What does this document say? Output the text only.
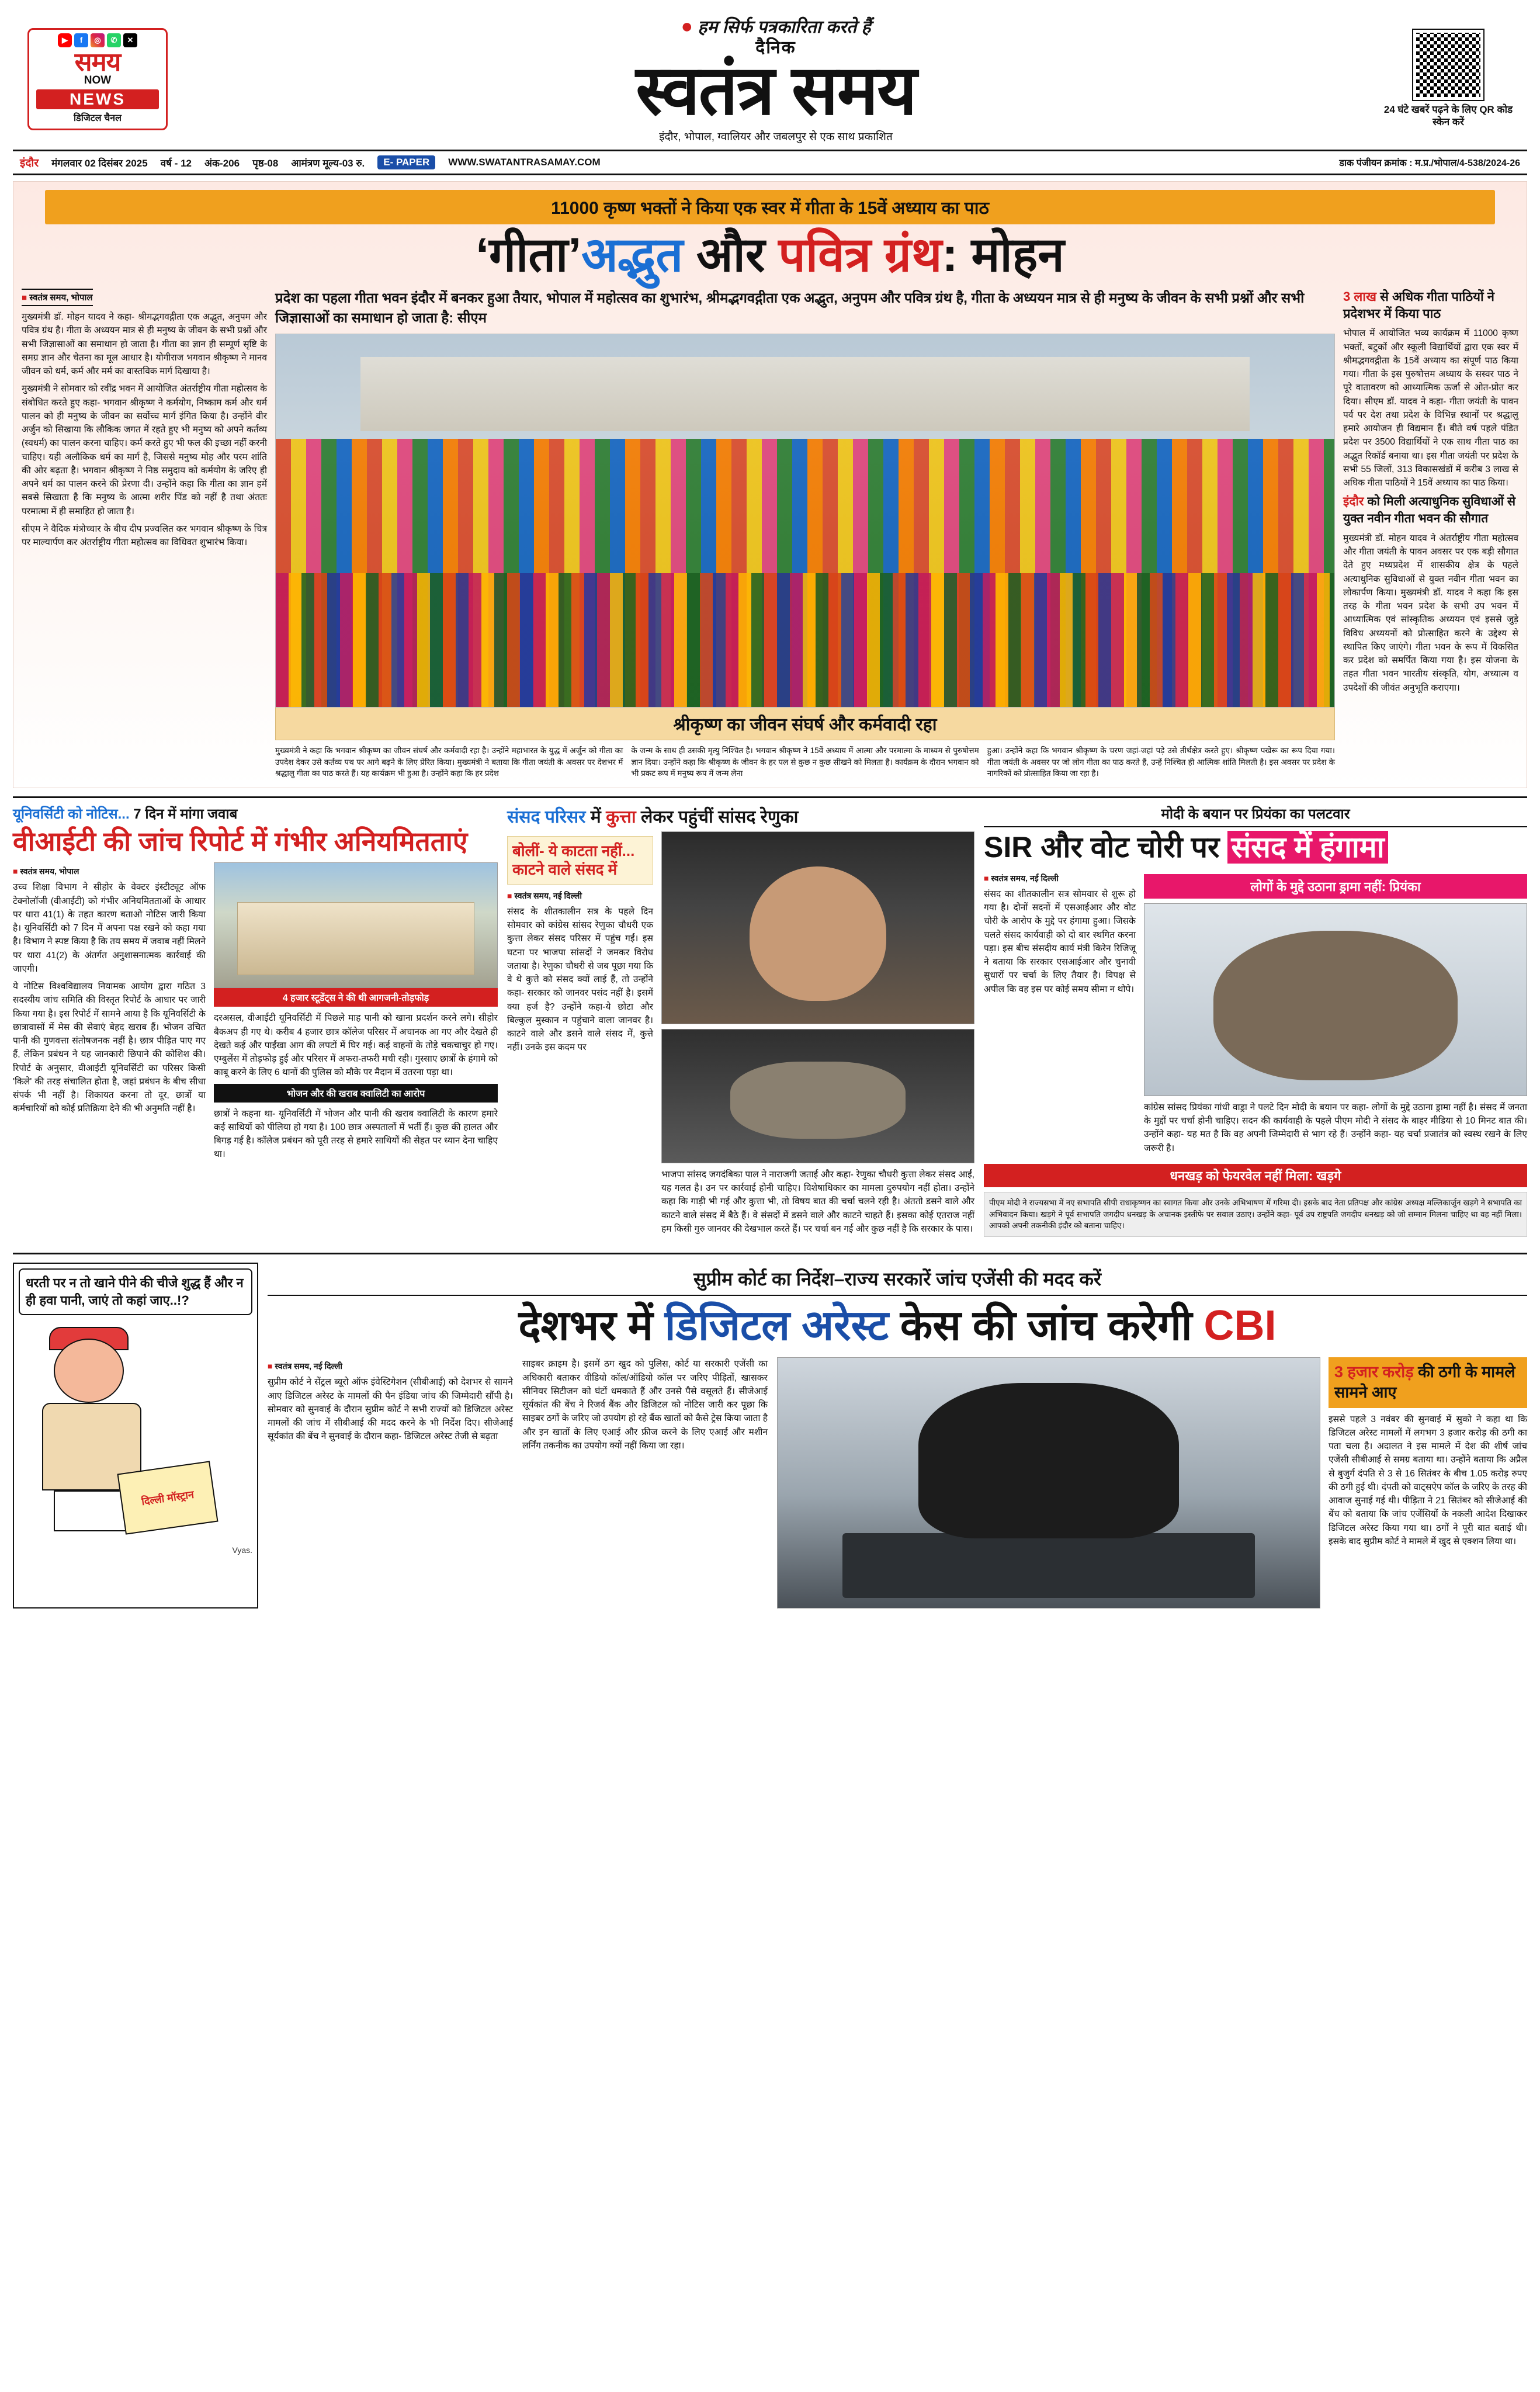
▶	f	◎	✆	✕
समय
NOW
NEWS
डिजिटल चैनल
● हम सिर्फ पत्रकारिता करते हैं
दैनिक
स्वतंत्र समय
इंदौर, भोपाल, ग्वालियर और जबलपुर से एक साथ प्रकाशित
24 घंटे खबरें पढ़ने के लिए QR कोड स्केन करें
इंदौर मंगलवार 02 दिसंबर 2025 वर्ष - 12 अंक-206 पृष्ठ-08 आमंत्रण मूल्य-03 रु.	E- PAPER	WWW.SWATANTRASAMAY.COM	डाक पंजीयन क्रमांक : म.प्र./भोपाल/4-538/2024-26
11000 कृष्ण भक्तों ने किया एक स्वर में गीता के 15वें अध्याय का पाठ
‘गीता’अद्भुत और पवित्र ग्रंथ: मोहन
■ स्वतंत्र समय, भोपाल

मुख्यमंत्री डॉ. मोहन यादव ने कहा- श्रीमद्भगवद्गीता एक अद्भुत, अनुपम और पवित्र ग्रंथ है। गीता के अध्ययन मात्र से ही मनुष्य के जीवन के सभी प्रश्नों और सभी जिज्ञासाओं का समाधान हो जाता है। गीता का ज्ञान ही सम्पूर्ण सृष्टि के समग्र ज्ञान और चेतना का मूल आधार है। योगीराज भगवान श्रीकृष्ण ने मानव जीवन को धर्म, कर्म और मर्म का वास्तविक मार्ग दिखाया है।

मुख्यमंत्री ने सोमवार को रवींद्र भवन में आयोजित अंतर्राष्ट्रीय गीता महोत्सव के संबोधित करते हुए कहा- भगवान श्रीकृष्ण ने कर्मयोग, निष्काम कर्म और धर्म पालन को ही मनुष्य के जीवन का सर्वोच्च मार्ग इंगित किया है। उन्होंने वीर अर्जुन को सिखाया कि लौकिक जगत में रहते हुए भी मनुष्य को अपने कर्तव्य (स्वधर्म) का पालन करना चाहिए। कर्म करते हुए भी फल की इच्छा नहीं करनी चाहिए। यही अलौकिक धर्म का मार्ग है, जिससे मनुष्य मोह और परम शांति की ओर बढ़ता है। भगवान श्रीकृष्ण ने निष्ठ समुदाय को कर्मयोग के जरिए ही अपने धर्म का पालन करने की प्रेरणा दी। उन्होंने कहा कि गीता का ज्ञान हमें सबसे सिखाता है कि मनुष्य के आत्मा शरीर पिंड को नहीं है तथा अंततः परमात्मा में ही समाहित हो जाता है।

सीएम ने वैदिक मंत्रोच्चार के बीच दीप प्रज्वलित कर भगवान श्रीकृष्ण के चित्र पर माल्यार्पण कर अंतर्राष्ट्रीय गीता महोत्सव का विधिवत शुभारंभ किया।

प्रदेश का पहला गीता भवन इंदौर में बनकर हुआ तैयार, भोपाल में महोत्सव का शुभारंभ, श्रीमद्भगवद्गीता एक अद्भुत, अनुपम और पवित्र ग्रंथ है, गीता के अध्ययन मात्र से ही मनुष्य के जीवन के सभी प्रश्नों और सभी जिज्ञासाओं का समाधान हो जाता है: सीएम

श्रीकृष्ण का जीवन संघर्ष और कर्मवादी रहा

मुख्यमंत्री ने कहा कि भगवान श्रीकृष्ण का जीवन संघर्ष और कर्मवादी रहा है। उन्होंने महाभारत के युद्ध में अर्जुन को गीता का उपदेश देकर उसे कर्तव्य पथ पर आगे बढ़ने के लिए प्रेरित किया। मुख्यमंत्री ने बताया कि गीता जयंती के अवसर पर देशभर में श्रद्धालु गीता का पाठ करते हैं। यह कार्यक्रम भी हुआ है। उन्होंने कहा कि हर प्रदेश

के जन्म के साथ ही उसकी मृत्यु निश्चित है। भगवान श्रीकृष्ण ने 15वें अध्याय में आत्मा और परमात्मा के माध्यम से पुरुषोत्तम ज्ञान दिया। उन्होंने कहा कि श्रीकृष्ण के जीवन के हर पल से कुछ न कुछ सीखने को मिलता है। कार्यक्रम के दौरान भगवान को भी प्रकट रूप में मनुष्य रूप में जन्म लेना

हुआ। उन्होंने कहा कि भगवान श्रीकृष्ण के चरण जहां-जहां पड़े उसे तीर्थक्षेत्र करते हुए। श्रीकृष्ण पखेरू का रूप दिया गया। गीता जयंती के अवसर पर जो लोग गीता का पाठ करते हैं, उन्हें निश्चित ही आत्मिक शांति मिलती है। इस अवसर पर प्रदेश के नागरिकों को प्रोत्साहित किया जा रहा है।

3 लाख से अधिक गीता पाठियों ने प्रदेशभर में किया पाठ

भोपाल में आयोजित भव्य कार्यक्रम में 11000 कृष्ण भक्तों, बटुकों और स्कूली विद्यार्थियों द्वारा एक स्वर में श्रीमद्भगवद्गीता के 15वें अध्याय का संपूर्ण पाठ किया गया। गीता के इस पुरुषोत्तम अध्याय के सस्वर पाठ ने पूरे वातावरण को आध्यात्मिक ऊर्जा से ओत-प्रोत कर दिया। सीएम डॉ. यादव ने कहा- गीता जयंती के पावन पर्व पर देश तथा प्रदेश के विभिन्न स्थानों पर श्रद्धालु हमारे आयोजन ही विद्यमान हैं। बीते वर्ष पहले पंडित प्रदेश पर 3500 विद्यार्थियों ने एक साथ गीता पाठ का अद्भुत रिकॉर्ड बनाया था। इस गीता जयंती पर प्रदेश के सभी 55 जिलों, 313 विकासखंडों में करीब 3 लाख से अधिक गीता पाठियों ने 15वें अध्याय का पाठ किया।

इंदौर को मिली अत्याधुनिक सुविधाओं से युक्त नवीन गीता भवन की सौगात

मुख्यमंत्री डॉ. मोहन यादव ने अंतर्राष्ट्रीय गीता महोत्सव और गीता जयंती के पावन अवसर पर एक बड़ी सौगात देते हुए मध्यप्रदेश में शासकीय क्षेत्र के पहले अत्याधुनिक सुविधाओं से युक्त नवीन गीता भवन का लोकार्पण किया। मुख्यमंत्री डॉ. यादव ने कहा कि इस तरह के गीता भवन प्रदेश के सभी उप भवन में आध्यात्मिक एवं सांस्कृतिक अध्ययन एवं इससे जुड़े विविध अध्ययनों को प्रोत्साहित करने के उद्देश्य से स्थापित किए जाएंगे। गीता भवन के रूप में विकसित कर प्रदेश को समर्पित किया गया है। इस योजना के तहत गीता भवन भारतीय संस्कृति, योग, अध्यात्म व उपदेशों की जीवंत अनुभूति कराएगा।

यूनिवर्सिटी को नोटिस... 7 दिन में मांगा जवाब
वीआईटी की जांच रिपोर्ट में गंभीर अनियमितताएं
■ स्वतंत्र समय, भोपाल

उच्च शिक्षा विभाग ने सीहोर के वेक्टर इंस्टीट्यूट ऑफ टेक्नोलॉजी (वीआईटी) को गंभीर अनियमितताओं के आधार पर धारा 41(1) के तहत कारण बताओ नोटिस जारी किया है। यूनिवर्सिटी को 7 दिन में अपना पक्ष रखने को कहा गया है। विभाग ने स्पष्ट किया है कि तय समय में जवाब नहीं मिलने पर धारा 41(2) के अंतर्गत अनुशासनात्मक कार्रवाई की जाएगी।

ये नोटिस विश्वविद्यालय नियामक आयोग द्वारा गठित 3 सदस्यीय जांच समिति की विस्तृत रिपोर्ट के आधार पर जारी किया गया है। इस रिपोर्ट में सामने आया है कि यूनिवर्सिटी के छात्रावासों में मेस की सेवाएं बेहद खराब हैं। भोजन उचित पानी की गुणवत्ता संतोषजनक नहीं है। छात्र पीड़ित पाए गए हैं, लेकिन प्रबंधन ने यह जानकारी छिपाने की कोशिश की। रिपोर्ट के अनुसार, वीआईटी यूनिवर्सिटी का परिसर किसी 'किले' की तरह संचालित होता है, जहां प्रबंधन के बीच सीधा संपर्क भी नहीं है। शिकायत करना तो दूर, छात्रों या कर्मचारियों को कोई प्रतिक्रिया देने की भी अनुमति नहीं है।

4 हजार स्टूडेंट्स ने की थी आगजनी-तोड़फोड़

दरअसल, वीआईटी यूनिवर्सिटी में पिछले माह पानी को खाना प्रदर्शन करने लगे। सीहोर बैकअप ही गए थे। करीब 4 हजार छात्र कॉलेज परिसर में अचानक आ गए और देखते ही देखते कई और पाईंखा आग की लपटों में घिर गई। कई वाहनों के तोड़े चकचाचुर हो गए। एम्बुलेंस में तोड़फोड़ हुई और परिसर में अफरा-तफरी मची रही। गुस्साए छात्रों के हंगामे को काबू करने के लिए 6 थानों की पुलिस को मौके पर मैदान में उतरना पड़ा था।

भोजन और की खराब क्वालिटी का आरोप

छात्रों ने कहना था- यूनिवर्सिटी में भोजन और पानी की खराब क्वालिटी के कारण हमारे कई साथियों को पीलिया हो गया है। 100 छात्र अस्पतालों में भर्ती हैं। कुछ की हालत और बिगड़ गई है। कॉलेज प्रबंधन को पूरी तरह से हमारे साथियों की सेहत पर ध्यान देना चाहिए था।

संसद परिसर में कुत्ता लेकर पहुंचीं सांसद रेणुका
बोलीं- ये काटता नहीं... काटने वाले संसद में
■ स्वतंत्र समय, नई दिल्ली

संसद के शीतकालीन सत्र के पहले दिन सोमवार को कांग्रेस सांसद रेणुका चौधरी एक कुत्ता लेकर संसद परिसर में पहुंच गईं। इस घटना पर भाजपा सांसदों ने जमकर विरोध जताया है। रेणुका चौधरी से जब पूछा गया कि वे थे कुत्ते को संसद क्यों लाई हैं, तो उन्होंने कहा- सरकार को जानवर पसंद नहीं है। इसमें क्या हर्ज है? उन्होंने कहा-ये छोटा और बिल्कुल मुस्कान न पहुंचाने वाला जानवर है। काटने वाले और डसने वाले संसद में, कुत्ते नहीं। उनके इस कदम पर

भाजपा सांसद जगदंबिका पाल ने नाराजगी जताई और कहा- रेणुका चौधरी कुत्ता लेकर संसद आईं, यह गलत है। उन पर कार्रवाई होनी चाहिए। विशेषाधिकार का मामला दुरुपयोग नहीं होता। उन्होंने कहा कि गाड़ी भी गई और कुत्ता भी, तो विषय बात की चर्चा चलने रही है। अंततो डसने वाले और काटने वाले संसद में बैठे हैं। वे संसदों में डसने वाले और काटने चाहते हैं। इसका कोई एतराज नहीं हम किसी गुरु जानवर की देखभाल करते हैं। पर चर्चा बन गई और कुछ नहीं है कि सरकार के पास।

मोदी के बयान पर प्रियंका का पलटवार
SIR और वोट चोरी पर संसद में हंगामा
■ स्वतंत्र समय, नई दिल्ली

संसद का शीतकालीन सत्र सोमवार से शुरू हो गया है। दोनों सदनों में एसआईआर और वोट चोरी के आरोप के मुद्दे पर हंगामा हुआ। जिसके चलते संसद कार्यवाही को दो बार स्थगित करना पड़ा। इस बीच संसदीय कार्य मंत्री किरेन रिजिजू ने बताया कि सरकार एसआईआर और चुनावी सुधारों पर चर्चा के लिए तैयार है। विपक्ष से अपील कि वह इस पर कोई समय सीमा न थोपे।

लोगों के मुद्दे उठाना ड्रामा नहीं: प्रियंका

कांग्रेस सांसद प्रियंका गांधी वाड्रा ने पलटे दिन मोदी के बयान पर कहा- लोगों के मुद्दे उठाना ड्रामा नहीं है। संसद में जनता के मुद्दों पर चर्चा होनी चाहिए। सदन की कार्यवाही के पहले पीएम मोदी ने संसद के बाहर मीडिया से 10 मिनट बात की। उन्होंने कहा- यह मत है कि वह अपनी जिम्मेदारी से भाग रहे हैं। उन्होंने कहा- यह चर्चा प्रजातंत्र को स्वस्थ रखने के लिए जरूरी है।

धनखड़ को फेयरवेल नहीं मिला: खड़गे

पीएम मोदी ने राज्यसभा में नए सभापति सीपी राधाकृष्णन का स्वागत किया और उनके अभिभाषण में गरिमा दी। इसके बाद नेता प्रतिपक्ष और कांग्रेस अध्यक्ष मल्लिकार्जुन खड़गे ने सभापति का अभिवादन किया। खड़गे ने पूर्व सभापति जगदीप धनखड़ के अचानक इस्तीफे पर सवाल उठाए। उन्होंने कहा- पूर्व उप राष्ट्रपति जगदीप धनखड़ को जो सम्मान मिलना चाहिए था वह नहीं मिला। आपको अपनी तकनीकी इंदौर को बताना चाहिए।

धरती पर न तो खाने पीने की चीजे शुद्ध हैं और न ही हवा पानी, जाएं तो कहां जाए..!?
दिल्ली मॉस्ट्रान
Vyas.
सुप्रीम कोर्ट का निर्देश–राज्य सरकारें जांच एजेंसी की मदद करें
देशभर में डिजिटल अरेस्ट केस की जांच करेगी CBI
■ स्वतंत्र समय, नई दिल्ली

सुप्रीम कोर्ट ने सेंट्रल ब्यूरो ऑफ इंवेस्टिगेशन (सीबीआई) को देशभर से सामने आए डिजिटल अरेस्ट के मामलों की पैन इंडिया जांच की जिम्मेदारी सौंपी है। सोमवार को सुनवाई के दौरान सुप्रीम कोर्ट ने सभी राज्यों को डिजिटल अरेस्ट मामलों की जांच में सीबीआई की मदद करने के भी निर्देश दिए। सीजेआई सूर्यकांत की बेंच ने सुनवाई के दौरान कहा- डिजिटल अरेस्ट तेजी से बढ़ता

साइबर क्राइम है। इसमें ठग खुद को पुलिस, कोर्ट या सरकारी एजेंसी का अधिकारी बताकर वीडियो कॉल/ऑडियो कॉल पर जरिए पीड़ितों, खासकर सीनियर सिटीजन को घंटों धमकाते हैं और उनसे पैसे वसूलते हैं। सीजेआई सूर्यकांत की बेंच ने रिजर्व बैंक और डिजिटल को नोटिस जारी कर पूछा कि साइबर ठगों के जरिए जो उपयोग हो रहे बैंक खातों को कैसे ट्रेस किया जाता है और इन खातों के लिए एआई और फ्रीज करने के लिए एआई और मशीन लर्निंग तकनीक का उपयोग क्यों नहीं किया जा रहा।

3 हजार करोड़ की ठगी के मामले सामने आए

इससे पहले 3 नवंबर की सुनवाई में सुको ने कहा था कि डिजिटल अरेस्ट मामलों में लगभग 3 हजार करोड़ की ठगी का पता चला है। अदालत ने इस मामले में देश की शीर्ष जांच एजेंसी सीबीआई से समग्र बताया था। उन्होंने बताया कि अप्रैल से बुजुर्ग दंपति से 3 से 16 सितंबर के बीच 1.05 करोड़ रुपए की ठगी हुई थी। दंपती को वाट्सऐप कॉल के जरिए के तरह की आवाज सुनाई गई थी। पीड़िता ने 21 सितंबर को सीजेआई की बेंच को बताया कि जांच एजेंसियों के नकली आदेश दिखाकर डिजिटल अरेस्ट किया गया था। ठगों ने पूरी बात बताई थी। इसके बाद सुप्रीम कोर्ट ने मामले में खुद से एक्शन लिया था।
